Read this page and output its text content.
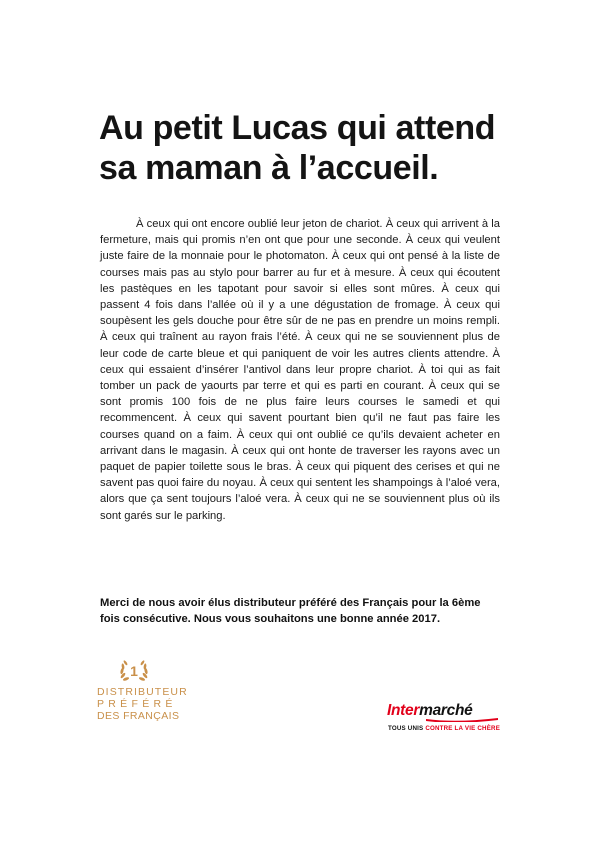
Au petit Lucas qui attend sa maman à l’accueil.

À ceux qui ont encore oublié leur jeton de chariot. À ceux qui arrivent à la fermeture, mais qui promis n’en ont que pour une seconde. À ceux qui veulent juste faire de la monnaie pour le photomaton. À ceux qui ont pensé à la liste de courses mais pas au stylo pour barrer au fur et à mesure. À ceux qui écoutent les pastèques en les tapotant pour savoir si elles sont mûres. À ceux qui passent 4 fois dans l’allée où il y a une dégustation de fromage. À ceux qui soupèsent les gels douche pour être sûr de ne pas en prendre un moins rempli. À ceux qui traînent au rayon frais l’été. À ceux qui ne se souviennent plus de leur code de carte bleue et qui paniquent de voir les autres clients attendre. À ceux qui essaient d’insérer l’antivol dans leur propre chariot. À toi qui as fait tomber un pack de yaourts par terre et qui es parti en courant. À ceux qui se sont promis 100 fois de ne plus faire leurs courses le samedi et qui recommencent. À ceux qui savent pourtant bien qu’il ne faut pas faire les courses quand on a faim. À ceux qui ont oublié ce qu’ils devaient acheter en arrivant dans le magasin. À ceux qui ont honte de traverser les rayons avec un paquet de papier toilette sous le bras. À ceux qui piquent des cerises et qui ne savent pas quoi faire du noyau. À ceux qui sentent les shampoings à l’aloé vera, alors que ça sent toujours l’aloé vera. À ceux qui ne se souviennent plus où ils sont garés sur le parking.

Merci de nous avoir élus distributeur préféré des Français pour la 6ème fois consécutive. Nous vous souhaitons une bonne année 2017.

1
DISTRIBUTEUR
PRÉFÉRÉ
DES FRANÇAIS	Intermarché
TOUS UNIS CONTRE LA VIE CHÈRE
